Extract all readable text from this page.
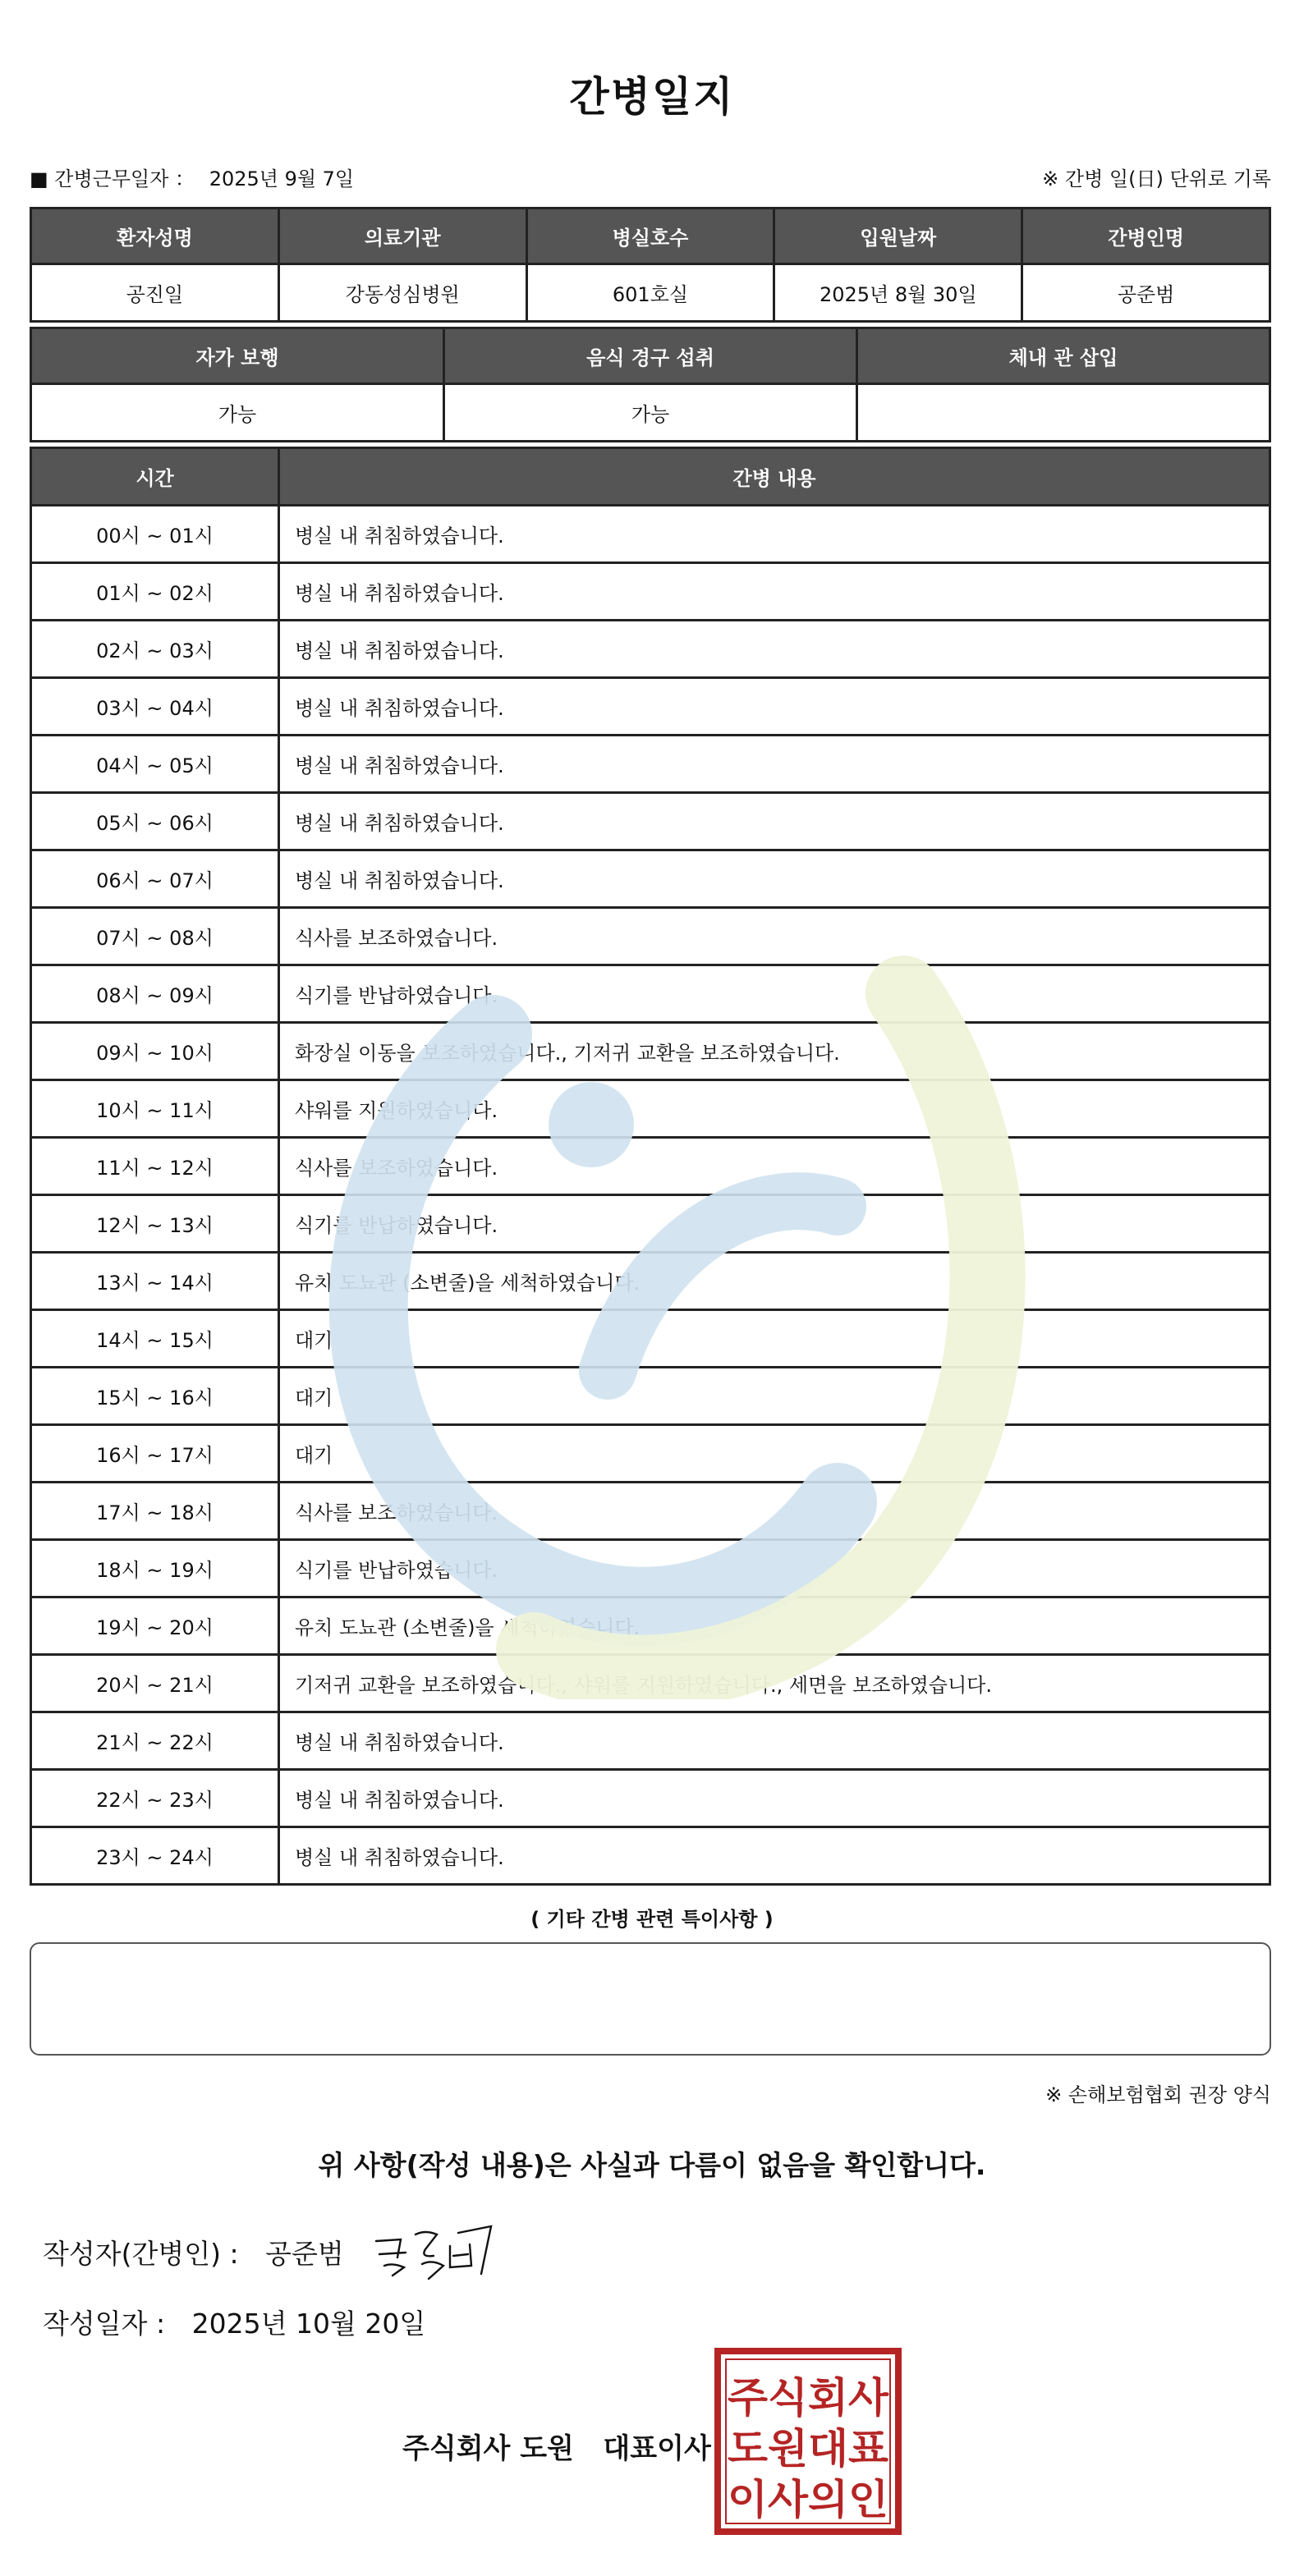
간병일지
■ 간병근무일자 ： 2025년 9월 7일	※ 간병 일(日) 단위로 기록
환자성명	의료기관	병실호수	입원날짜	간병인명
공진일	강동성심병원	601호실	2025년 8월 30일	공준범
자가 보행	음식 경구 섭취	체내 관 삽입
가능	가능	
시간	간병 내용
00시 ~ 01시	병실 내 취침하였습니다.
01시 ~ 02시	병실 내 취침하였습니다.
02시 ~ 03시	병실 내 취침하였습니다.
03시 ~ 04시	병실 내 취침하였습니다.
04시 ~ 05시	병실 내 취침하였습니다.
05시 ~ 06시	병실 내 취침하였습니다.
06시 ~ 07시	병실 내 취침하였습니다.
07시 ~ 08시	식사를 보조하였습니다.
08시 ~ 09시	식기를 반납하였습니다.
09시 ~ 10시	화장실 이동을 보조하였습니다., 기저귀 교환을 보조하였습니다.
10시 ~ 11시	샤워를 지원하였습니다.
11시 ~ 12시	식사를 보조하였습니다.
12시 ~ 13시	식기를 반납하였습니다.
13시 ~ 14시	유치 도뇨관 (소변줄)을 세척하였습니다.
14시 ~ 15시	대기
15시 ~ 16시	대기
16시 ~ 17시	대기
17시 ~ 18시	식사를 보조하였습니다.
18시 ~ 19시	식기를 반납하였습니다.
19시 ~ 20시	유치 도뇨관 (소변줄)을 세척하였습니다.
20시 ~ 21시	기저귀 교환을 보조하였습니다., 샤워를 지원하였습니다., 세면을 보조하였습니다.
21시 ~ 22시	병실 내 취침하였습니다.
22시 ~ 23시	병실 내 취침하였습니다.
23시 ~ 24시	병실 내 취침하였습니다.
( 기타 간병 관련 특이사항 )
※ 손해보험협회 권장 양식
위 사항(작성 내용)은 사실과 다름이 없음을 확인합니다.
작성자(간병인) : 공준범
작성일자 : 2025년 10월 20일
주식회사 도원   대표이사
주식회사
도원대표
이사의인
